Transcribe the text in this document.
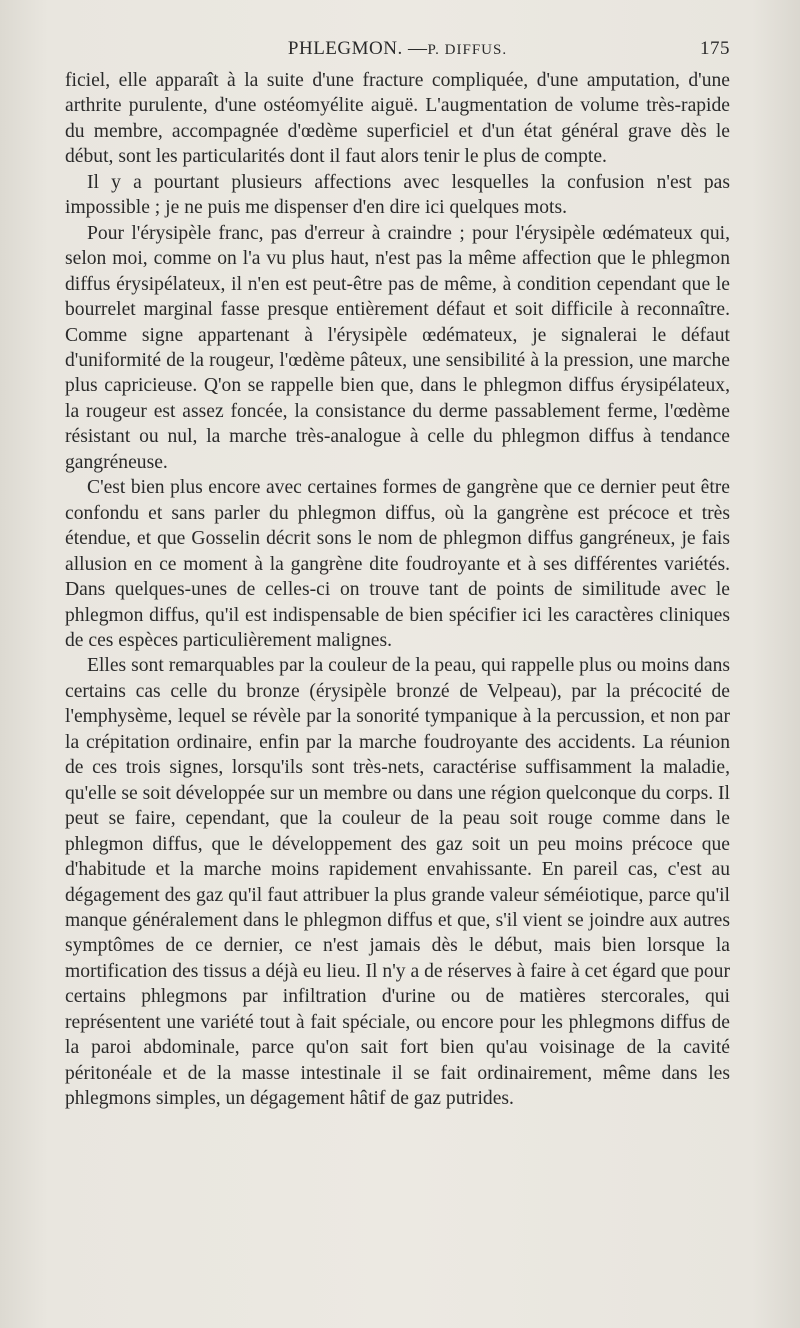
PHLEGMON. —P. DIFFUS.	175

ficiel, elle apparaît à la suite d'une fracture compliquée, d'une amputation, d'une arthrite purulente, d'une ostéomyélite aiguë. L'augmentation de volume très-rapide du membre, accompagnée d'œdème superficiel et d'un état général grave dès le début, sont les particularités dont il faut alors tenir le plus de compte.

Il y a pourtant plusieurs affections avec lesquelles la confusion n'est pas impossible ; je ne puis me dispenser d'en dire ici quelques mots.

Pour l'érysipèle franc, pas d'erreur à craindre ; pour l'érysipèle œdémateux qui, selon moi, comme on l'a vu plus haut, n'est pas la même affection que le phlegmon diffus érysipélateux, il n'en est peut-être pas de même, à condition cependant que le bourrelet marginal fasse presque entièrement défaut et soit difficile à reconnaître. Comme signe appartenant à l'érysipèle œdémateux, je signalerai le défaut d'uniformité de la rougeur, l'œdème pâteux, une sensibilité à la pression, une marche plus capricieuse. Q'on se rappelle bien que, dans le phlegmon diffus érysipélateux, la rougeur est assez foncée, la consistance du derme passablement ferme, l'œdème résistant ou nul, la marche très-analogue à celle du phlegmon diffus à tendance gangréneuse.

C'est bien plus encore avec certaines formes de gangrène que ce dernier peut être confondu et sans parler du phlegmon diffus, où la gangrène est précoce et très étendue, et que Gosselin décrit sons le nom de phlegmon diffus gangréneux, je fais allusion en ce moment à la gangrène dite foudroyante et à ses différentes variétés. Dans quelques-unes de celles-ci on trouve tant de points de similitude avec le phlegmon diffus, qu'il est indispensable de bien spécifier ici les caractères cliniques de ces espèces particulièrement malignes.

Elles sont remarquables par la couleur de la peau, qui rappelle plus ou moins dans certains cas celle du bronze (érysipèle bronzé de Velpeau), par la précocité de l'emphysème, lequel se révèle par la sonorité tympanique à la percussion, et non par la crépitation ordinaire, enfin par la marche foudroyante des accidents. La réunion de ces trois signes, lorsqu'ils sont très-nets, caractérise suffisamment la maladie, qu'elle se soit développée sur un membre ou dans une région quelconque du corps. Il peut se faire, cependant, que la couleur de la peau soit rouge comme dans le phlegmon diffus, que le développement des gaz soit un peu moins précoce que d'habitude et la marche moins rapidement envahissante. En pareil cas, c'est au dégagement des gaz qu'il faut attribuer la plus grande valeur séméiotique, parce qu'il manque généralement dans le phlegmon diffus et que, s'il vient se joindre aux autres symptômes de ce dernier, ce n'est jamais dès le début, mais bien lorsque la mortification des tissus a déjà eu lieu. Il n'y a de réserves à faire à cet égard que pour certains phlegmons par infiltration d'urine ou de matières stercorales, qui représentent une variété tout à fait spéciale, ou encore pour les phlegmons diffus de la paroi abdominale, parce qu'on sait fort bien qu'au voisinage de la cavité péritonéale et de la masse intestinale il se fait ordinairement, même dans les phlegmons simples, un dégagement hâtif de gaz putrides.
